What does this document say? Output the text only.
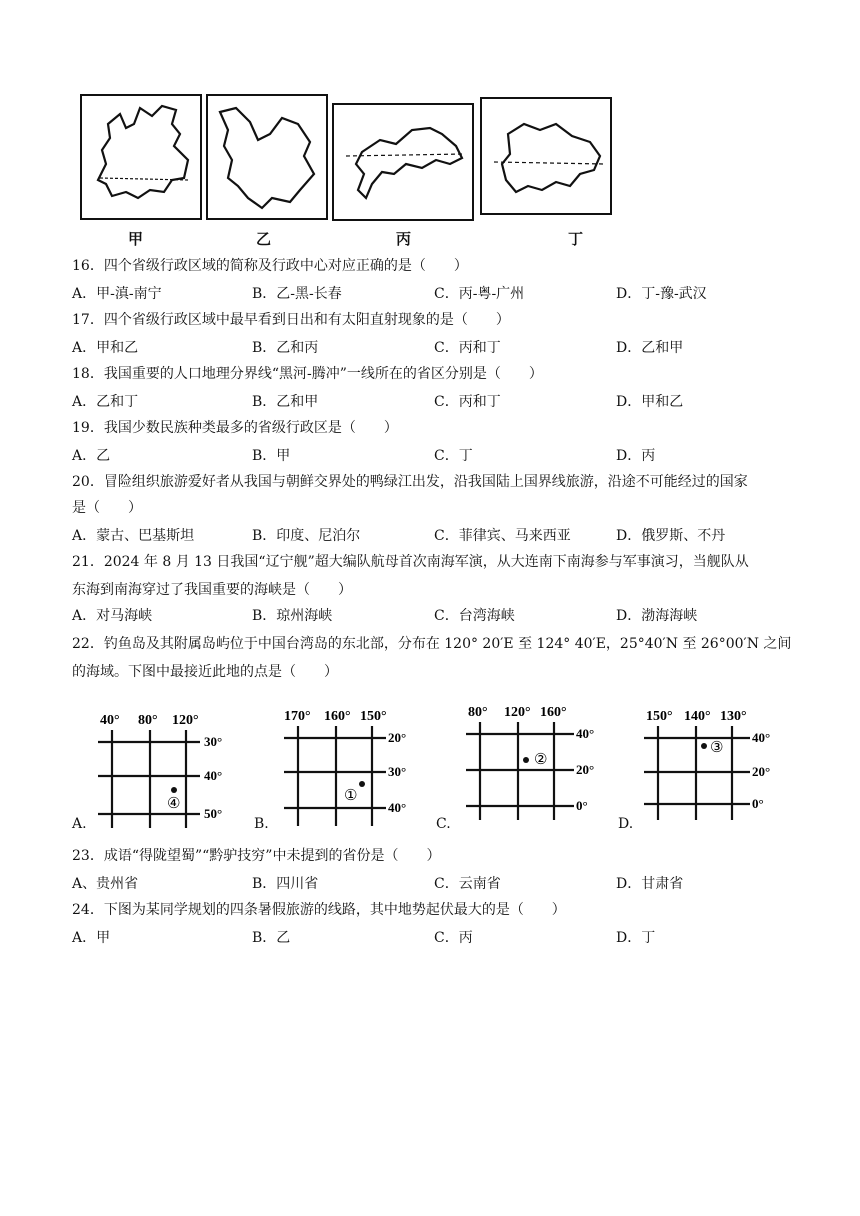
甲	乙	丙	丁
16．四个省级行政区域的简称及行政中心对应正确的是（　　）
A．甲-滇-南宁	B．乙-黑-长春	C．丙-粤-广州	D．丁-豫-武汉
17．四个省级行政区域中最早看到日出和有太阳直射现象的是（　　）
A．甲和乙	B．乙和丙	C．丙和丁	D．乙和甲
18．我国重要的人口地理分界线“黑河-腾冲”一线所在的省区分别是（　　）
A．乙和丁	B．乙和甲	C．丙和丁	D．甲和乙
19．我国少数民族种类最多的省级行政区是（　　）
A．乙	B．甲	C．丁	D．丙
20．冒险组织旅游爱好者从我国与朝鲜交界处的鸭绿江出发，沿我国陆上国界线旅游，沿途不可能经过的国家
是（　　）
A．蒙古、巴基斯坦	B．印度、尼泊尔	C．菲律宾、马来西亚	D．俄罗斯、不丹
21．2024 年 8 月 13 日我国“辽宁舰”超大编队航母首次南海军演，从大连南下南海参与军事演习，当舰队从
东海到南海穿过了我国重要的海峡是（　　）
A．对马海峡	B．琼州海峡	C．台湾海峡	D．渤海海峡
22．钓鱼岛及其附属岛屿位于中国台湾岛的东北部，分布在 120° 20′E 至 124° 40′E，25°40′N 至 26°00′N 之间
的海域。下图中最接近此地的点是（　　）
A.
40° 80° 120°
30°
40°
50°
④
B.
170° 160° 150°
20°
30°
40°
①
C.
80° 120° 160°
40°
20°
0°
②
D.
150° 140° 130°
40°
20°
0°
③
23．成语“得陇望蜀”“黔驴技穷”中未提到的省份是（　　）
A、贵州省	B．四川省	C．云南省	D．甘肃省
24．下图为某同学规划的四条暑假旅游的线路，其中地势起伏最大的是（　　）
A．甲	B．乙	C．丙	D．丁
